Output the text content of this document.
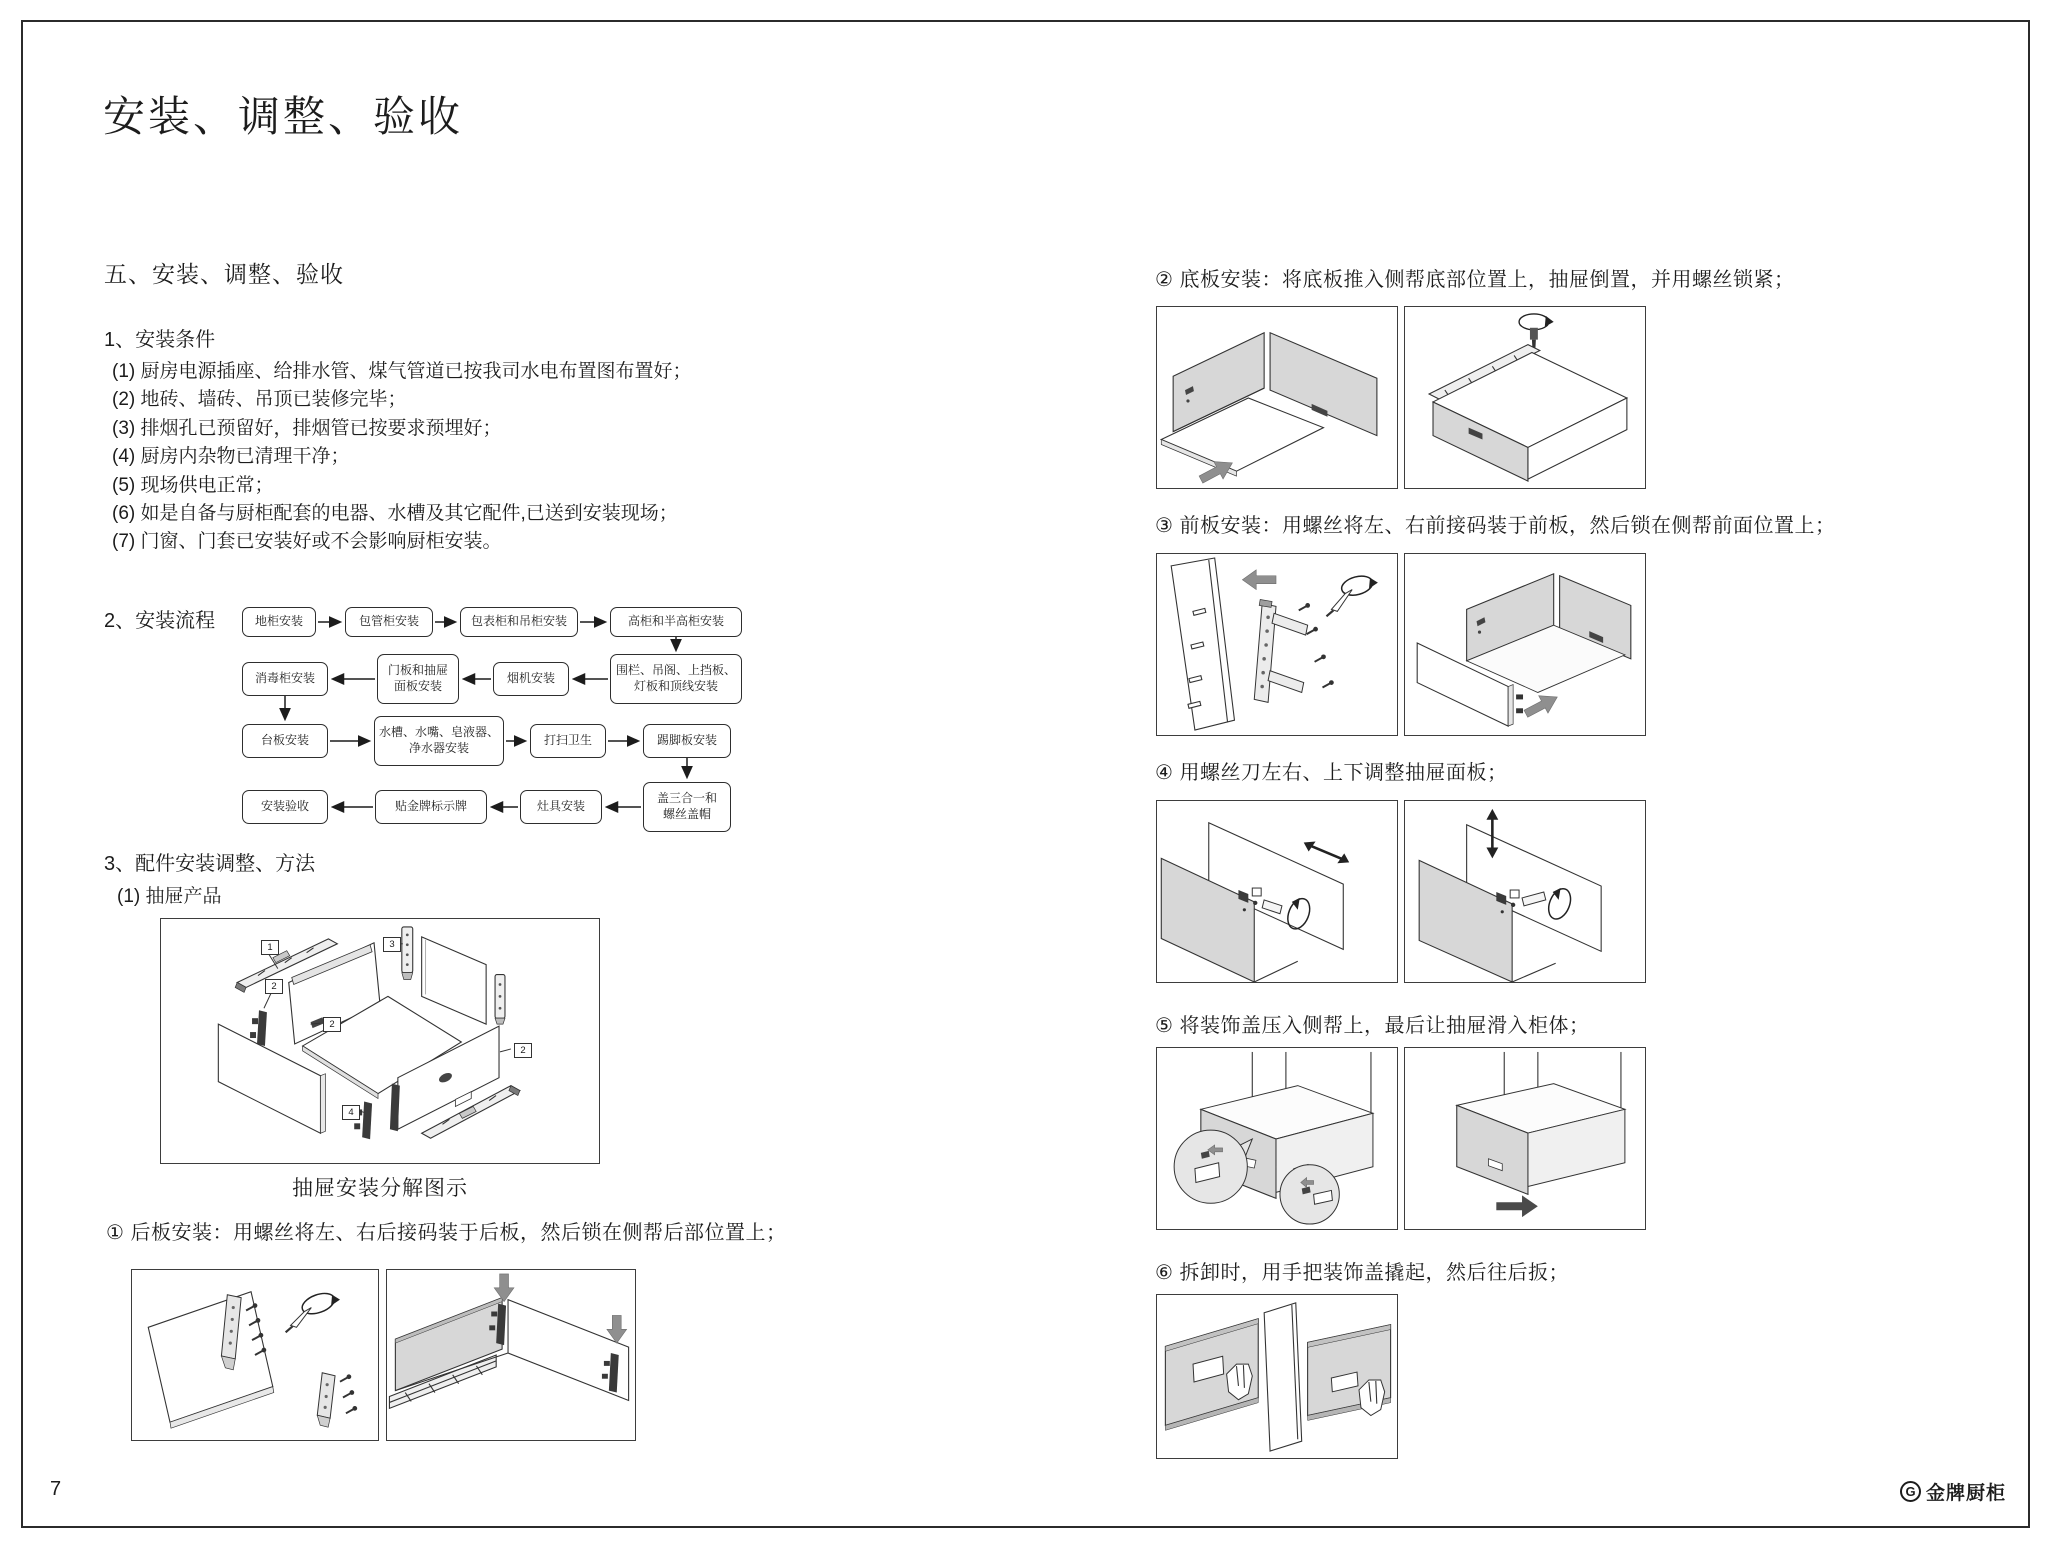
安装、调整、验收
五、安装、调整、验收
1、安装条件
(1) 厨房电源插座、给排水管、煤气管道已按我司水电布置图布置好；
(2) 地砖、墙砖、吊顶已装修完毕；
(3) 排烟孔已预留好，排烟管已按要求预埋好；
(4) 厨房内杂物已清理干净；
(5) 现场供电正常；
(6) 如是自备与厨柜配套的电器、水槽及其它配件,已送到安装现场；
(7) 门窗、门套已安装好或不会影响厨柜安装。
2、安装流程	地柜安装	包管柜安装	包表柜和吊柜安装	高柜和半高柜安装
围栏、吊阁、上挡板、灯板和顶线安装
烟机安装
门板和抽屉面板安装
消毒柜安装
台板安装
水槽、水嘴、皂液器、净水器安装
打扫卫生	踢脚板安装
盖三合一和螺丝盖帽
灶具安装
贴金牌标示牌
安装验收
3、配件安装调整、方法
(1) 抽屉产品
1
2
2
2
3
4
抽屉安装分解图示
① 后板安装：用螺丝将左、右后接码装于后板，然后锁在侧帮后部位置上；
② 底板安装：将底板推入侧帮底部位置上，抽屉倒置，并用螺丝锁紧；
③ 前板安装：用螺丝将左、右前接码装于前板，然后锁在侧帮前面位置上；
④ 用螺丝刀左右、上下调整抽屉面板；
⑤ 将装饰盖压入侧帮上，最后让抽屉滑入柜体；
⑥ 拆卸时，用手把装饰盖撬起，然后往后扳；
7	G 金牌厨柜
